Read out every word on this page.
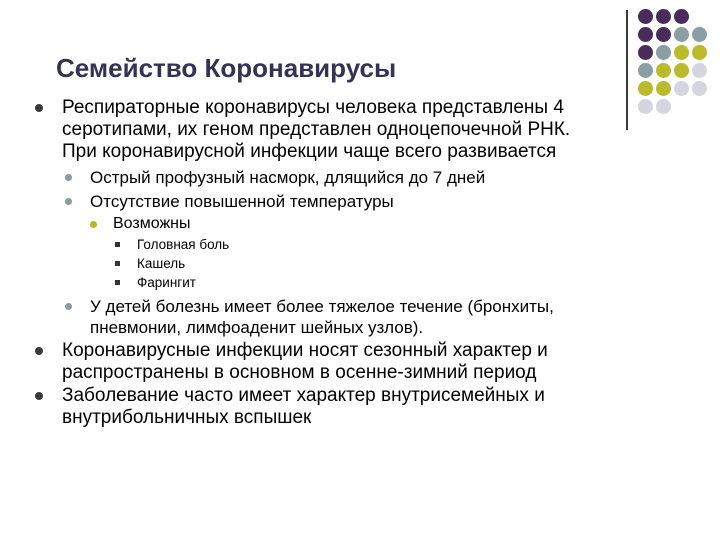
Семейство Коронавирусы
Респираторные коронавирусы человека представлены 4
серотипами, их геном представлен одноцепочечной РНК.
При коронавирусной инфекции чаще всего развивается
Острый профузный насморк, длящийся до 7 дней
Отсутствие повышенной температуры
Возможны
Головная боль
Кашель
Фарингит
У детей болезнь имеет более тяжелое течение (бронхиты,
пневмонии, лимфоаденит шейных узлов).
Коронавирусные инфекции носят сезонный характер и
распространены в основном в осенне-зимний период
Заболевание часто имеет характер внутрисемейных и
внутрибольничных вспышек
